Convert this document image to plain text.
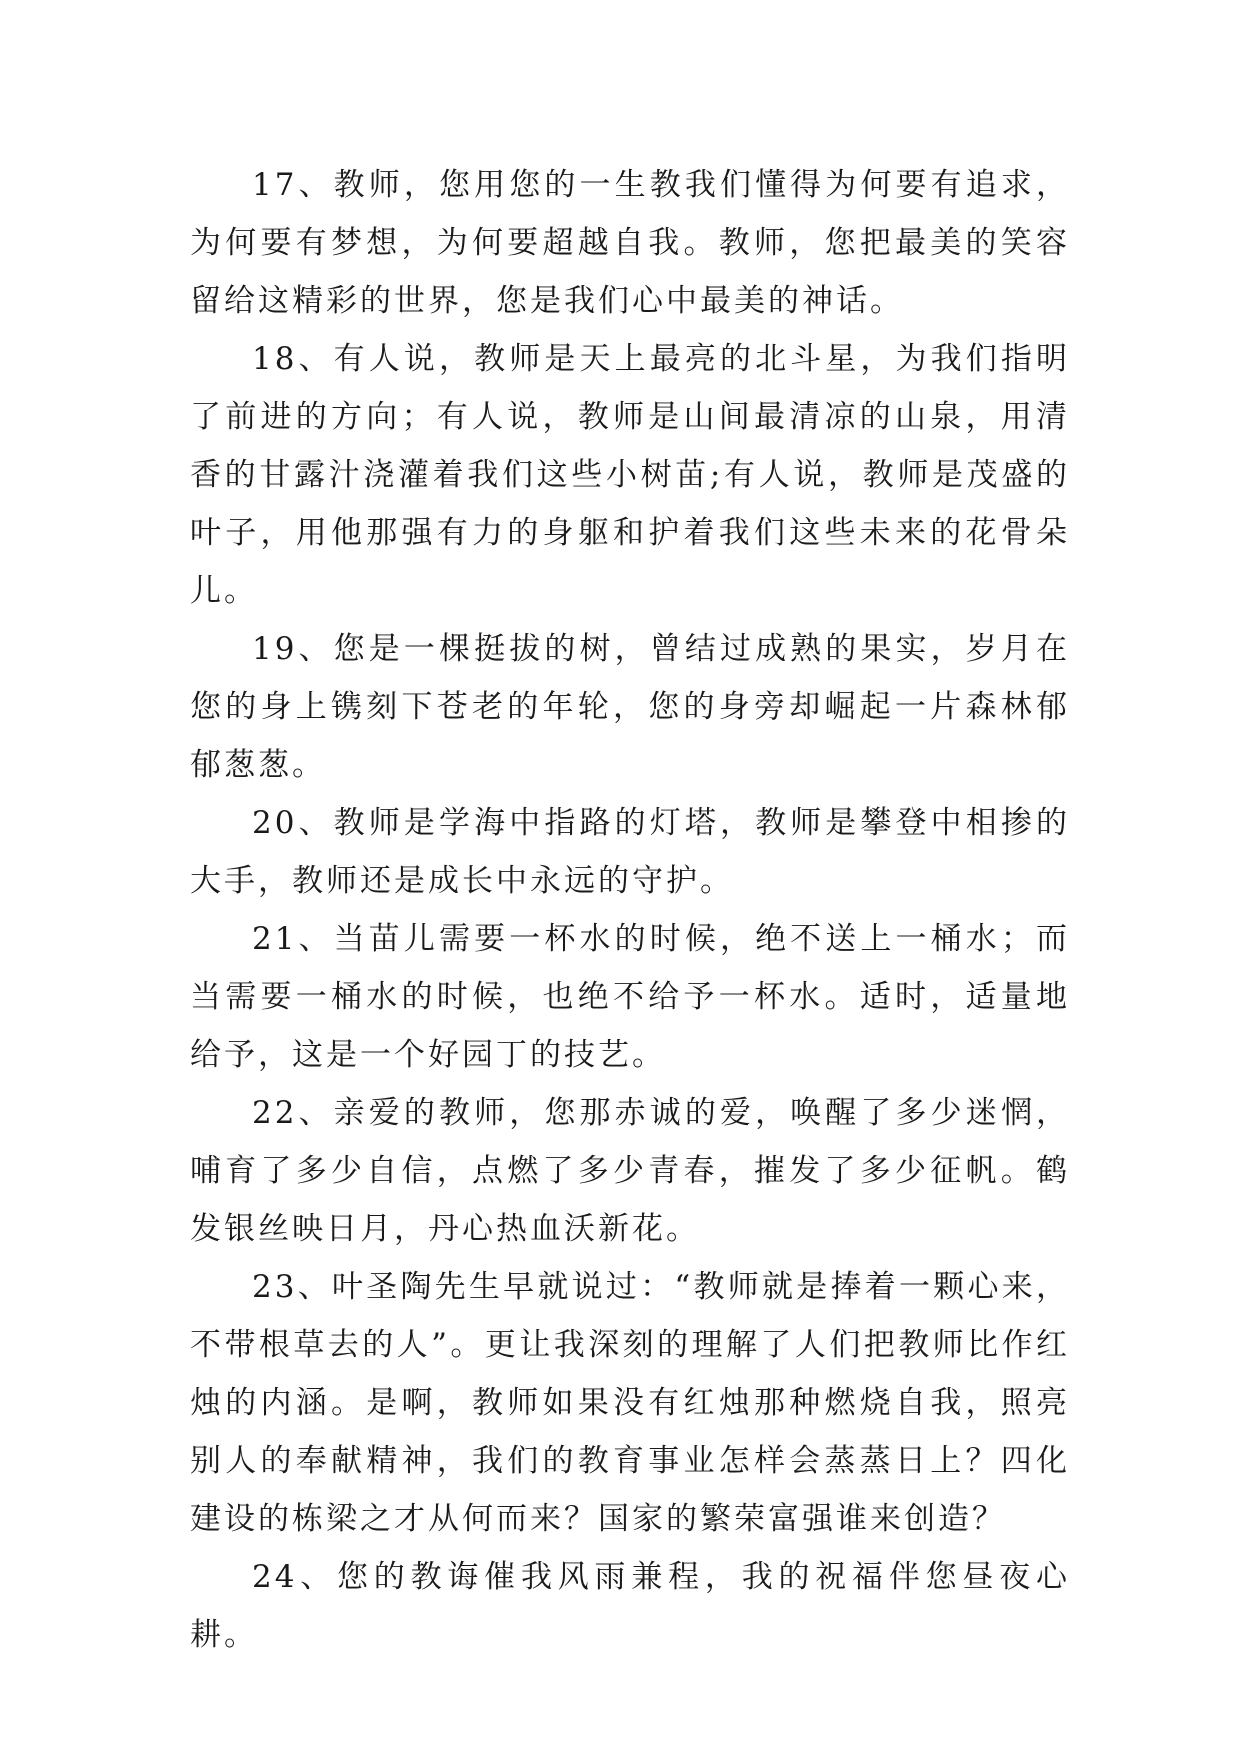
17、教师，您用您的一生教我们懂得为何要有追求，为何要有梦想，为何要超越自我。教师，您把最美的笑容留给这精彩的世界，您是我们心中最美的神话。

18、有人说，教师是天上最亮的北斗星，为我们指明了前进的方向；有人说，教师是山间最清凉的山泉，用清香的甘露汁浇灌着我们这些小树苗;有人说，教师是茂盛的叶子，用他那强有力的身躯和护着我们这些未来的花骨朵儿。

19、您是一棵挺拔的树，曾结过成熟的果实，岁月在您的身上镌刻下苍老的年轮，您的身旁却崛起一片森林郁郁葱葱。

20、教师是学海中指路的灯塔，教师是攀登中相掺的大手，教师还是成长中永远的守护。

21、当苗儿需要一杯水的时候，绝不送上一桶水；而当需要一桶水的时候，也绝不给予一杯水。适时，适量地给予，这是一个好园丁的技艺。

22、亲爱的教师，您那赤诚的爱，唤醒了多少迷惘，哺育了多少自信，点燃了多少青春，摧发了多少征帆。鹤发银丝映日月，丹心热血沃新花。

23、叶圣陶先生早就说过：“教师就是捧着一颗心来，不带根草去的人”。更让我深刻的理解了人们把教师比作红烛的内涵。是啊，教师如果没有红烛那种燃烧自我，照亮别人的奉献精神，我们的教育事业怎样会蒸蒸日上？四化建设的栋梁之才从何而来？国家的繁荣富强谁来创造？

24、您的教诲催我风雨兼程，我的祝福伴您昼夜心耕。
